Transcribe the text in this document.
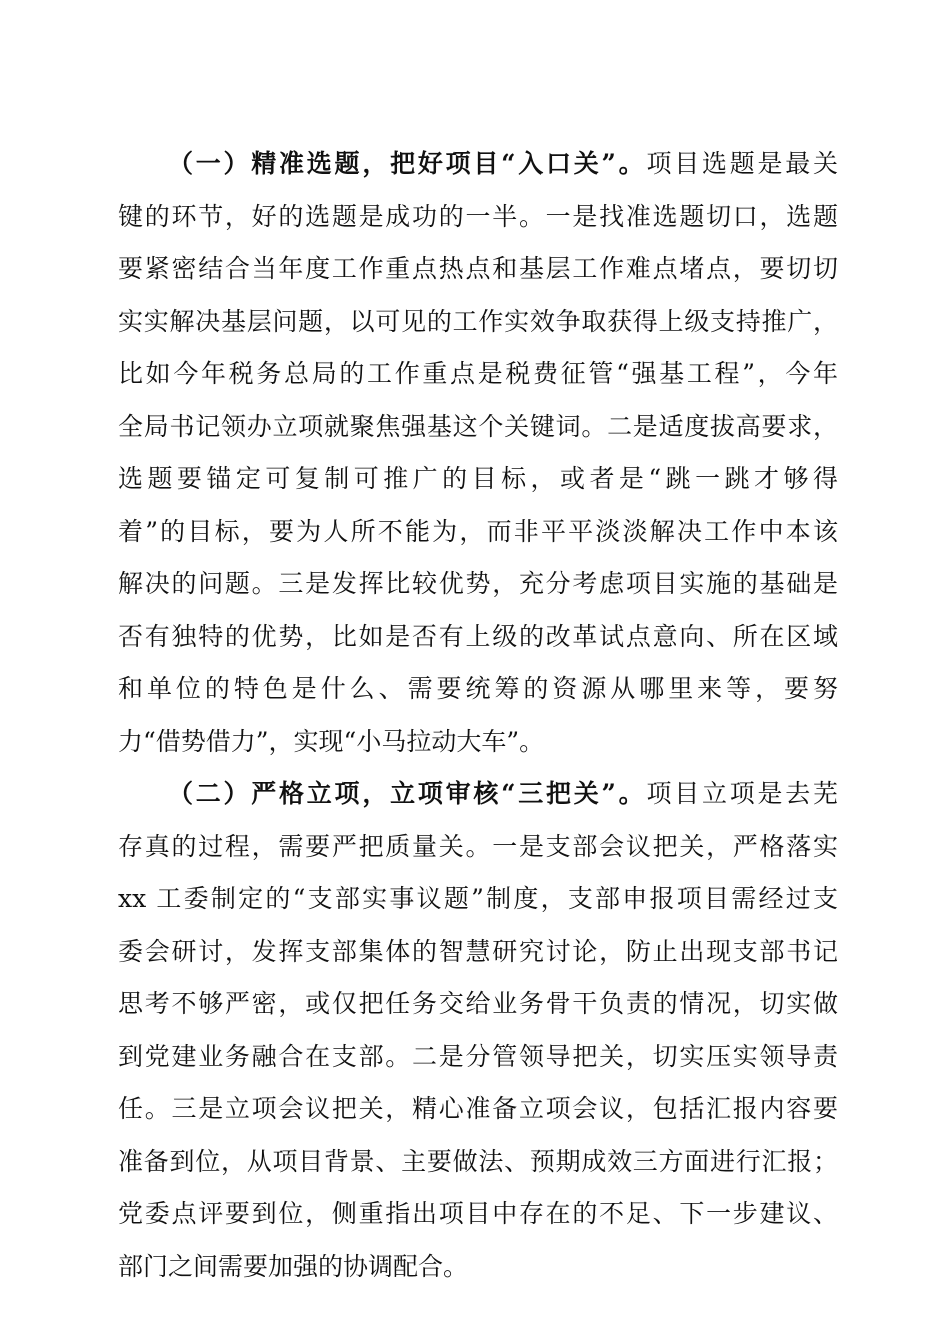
（一）精准选题，把好项目“入口关”。项目选题是最关
键的环节，好的选题是成功的一半。一是找准选题切口，选题
要紧密结合当年度工作重点热点和基层工作难点堵点，要切切
实实解决基层问题，以可见的工作实效争取获得上级支持推广，
比如今年税务总局的工作重点是税费征管“强基工程”，今年
全局书记领办立项就聚焦强基这个关键词。二是适度拔高要求，
选题要锚定可复制可推广的目标，或者是“跳一跳才够得
着”的目标，要为人所不能为，而非平平淡淡解决工作中本该
解决的问题。三是发挥比较优势，充分考虑项目实施的基础是
否有独特的优势，比如是否有上级的改革试点意向、所在区域
和单位的特色是什么、需要统筹的资源从哪里来等，要努
力“借势借力”，实现“小马拉动大车”。
（二）严格立项，立项审核“三把关”。项目立项是去芜
存真的过程，需要严把质量关。一是支部会议把关，严格落实
xx 工委制定的“支部实事议题”制度，支部申报项目需经过支
委会研讨，发挥支部集体的智慧研究讨论，防止出现支部书记
思考不够严密，或仅把任务交给业务骨干负责的情况，切实做
到党建业务融合在支部。二是分管领导把关，切实压实领导责
任。三是立项会议把关，精心准备立项会议，包括汇报内容要
准备到位，从项目背景、主要做法、预期成效三方面进行汇报；
党委点评要到位，侧重指出项目中存在的不足、下一步建议、
部门之间需要加强的协调配合。
